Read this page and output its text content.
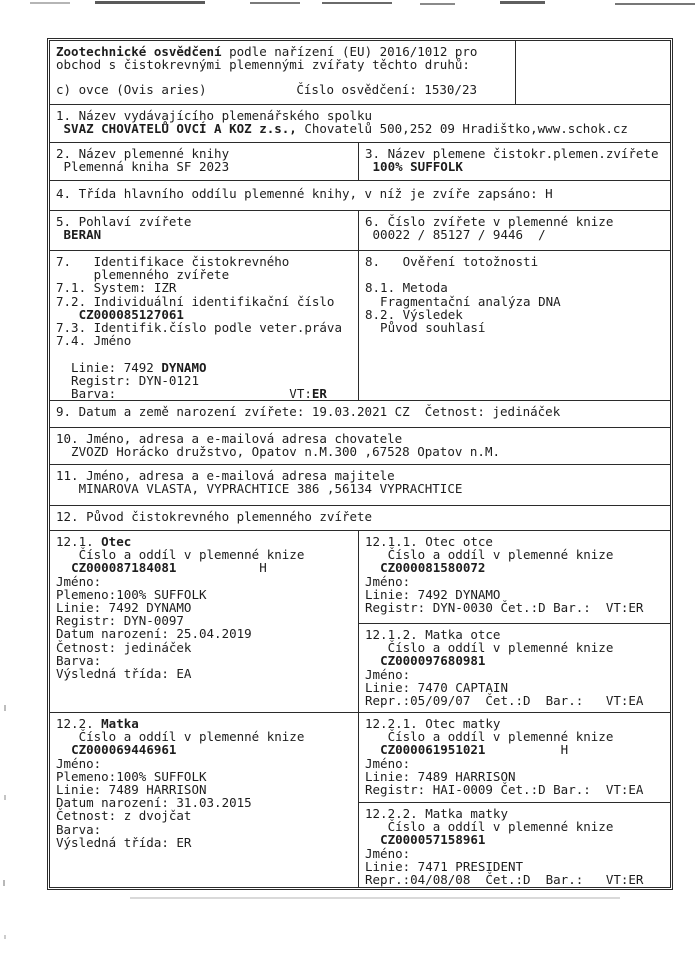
Zootechnické osvědčení podle nařízení (EU) 2016/1012 pro
obchod s čistokrevnými plemennými zvířaty těchto druhů:
c) ovce (Ovis aries)	Číslo osvědčení: 1530/23
1. Název vydávajícího plemenářského spolku
SVAZ CHOVATELŮ OVCÍ A KOZ z.s., Chovatelů 500,252 09 Hradištko,www.schok.cz
2. Název plemenné knihy
Plemenná kniha SF 2023
3. Název plemene čistokr.plemen.zvířete
100% SUFFOLK
4. Třída hlavního oddílu plemenné knihy, v níž je zvíře zapsáno: H
5. Pohlaví zvířete
BERAN
6. Číslo zvířete v plemenné knize
00022 / 85127 / 9446  /
7.   Identifikace čistokrevného
plemenného zvířete
7.1. System: IZR
7.2. Individuální identifikační číslo
CZ000085127061
7.3. Identifik.číslo podle veter.práva
7.4. Jméno
Linie: 7492 DYNAMO
Registr: DYN-0121
Barva:                       VT:ER
8.   Ověření totožnosti
8.1. Metoda
Fragmentační analýza DNA
8.2. Výsledek
Původ souhlasí
9. Datum a země narození zvířete: 19.03.2021 CZ  Četnost: jedináček
10. Jméno, adresa a e-mailová adresa chovatele
ZVOZD Horácko družstvo, Opatov n.M.300 ,67528 Opatov n.M.
11. Jméno, adresa a e-mailová adresa majitele
MINAROVA VLASTA, VYPRACHTICE 386 ,56134 VYPRACHTICE
12. Původ čistokrevného plemenného zvířete
12.1. Otec
Číslo a oddíl v plemenné knize
CZ000087184081           H
Jméno:
Plemeno:100% SUFFOLK
Linie: 7492 DYNAMO
Registr: DYN-0097
Datum narození: 25.04.2019
Četnost: jedináček
Barva:
Výsledná třída: EA
12.1.1. Otec otce
Číslo a oddíl v plemenné knize
CZ000081580072
Jméno:
Linie: 7492 DYNAMO
Registr: DYN-0030 Čet.:D Bar.:  VT:ER
12.1.2. Matka otce
Číslo a oddíl v plemenné knize
CZ000097680981
Jméno:
Linie: 7470 CAPTAIN
Repr.:05/09/07  Čet.:D  Bar.:   VT:EA
12.2. Matka
Číslo a oddíl v plemenné knize
CZ000069446961
Jméno:
Plemeno:100% SUFFOLK
Linie: 7489 HARRISON
Datum narození: 31.03.2015
Četnost: z dvojčat
Barva:
Výsledná třída: ER
12.2.1. Otec matky
Číslo a oddíl v plemenné knize
CZ000061951021          H
Jméno:
Linie: 7489 HARRISON
Registr: HAI-0009 Čet.:D Bar.:  VT:EA
12.2.2. Matka matky
Číslo a oddíl v plemenné knize
CZ000057158961
Jméno:
Linie: 7471 PRESIDENT
Repr.:04/08/08  Čet.:D  Bar.:   VT:ER
